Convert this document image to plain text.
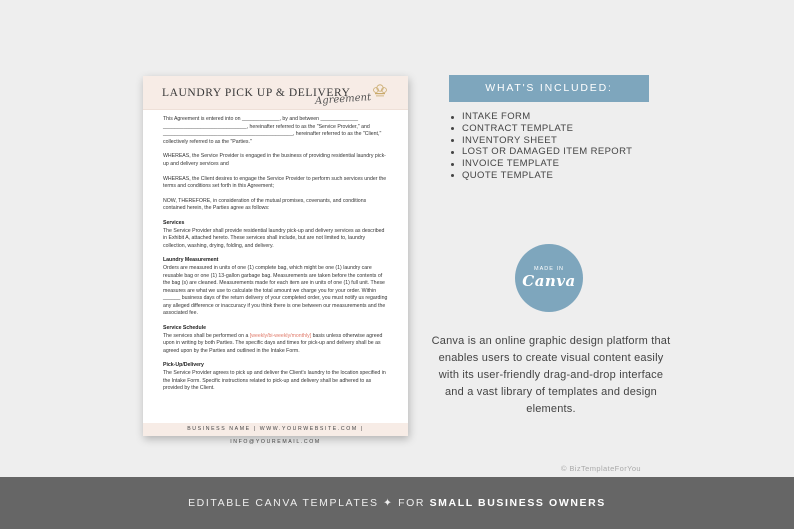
LAUNDRY PICK UP & DELIVERY
Agreement

This Agreement is entered into on _____________, by and between _____________ _____________________________, hereinafter referred to as the "Service Provider," and _____________________________________________, hereinafter referred to as the "Client," collectively referred to as the "Parties."

WHEREAS, the Service Provider is engaged in the business of providing residential laundry pick-up and delivery services and

WHEREAS, the Client desires to engage the Service Provider to perform such services under the terms and conditions set forth in this Agreement;

NOW, THEREFORE, in consideration of the mutual promises, covenants, and conditions contained herein, the Parties agree as follows:

Services

The Service Provider shall provide residential laundry pick-up and delivery services as described in Exhibit A, attached hereto. These services shall include, but are not limited to, laundry collection, washing, drying, folding, and delivery.

Laundry Measurement

Orders are measured in units of one (1) complete bag, which might be one (1) laundry care reusable bag or one (1) 13-gallon garbage bag. Measurements are taken before the contents of the bag (s) are cleaned. Measurements made for each item are in units of one (1) full unit. These measures are what we use to calculate the total amount we charge you for your order. Within ______ business days of the return delivery of your completed order, you must notify us regarding any alleged difference or inaccuracy if you think there is one between our measurements and the associated fee.

Service Schedule

The services shall be performed on a [weekly/bi-weekly/monthly] basis unless otherwise agreed upon in writing by both Parties. The specific days and times for pick-up and delivery shall be as agreed upon by the Parties and outlined in the Intake Form.

Pick-Up/Delivery

The Service Provider agrees to pick up and deliver the Client's laundry to the location specified in the Intake Form. Specific instructions related to pick-up and delivery shall be adhered to as provided by the Client.

BUSINESS NAME | WWW.YOURWEBSITE.COM | INFO@YOUREMAIL.COM
WHAT'S INCLUDED:
INTAKE FORM
CONTRACT TEMPLATE
INVENTORY SHEET
LOST OR DAMAGED ITEM REPORT
INVOICE TEMPLATE
QUOTE TEMPLATE
MADE IN
Canva
Canva is an online graphic design platform that enables users to create visual content easily with its user-friendly drag-and-drop interface and a vast library of templates and design elements.
© BizTemplateForYou
EDITABLE CANVA TEMPLATES ✦ FOR SMALL BUSINESS OWNERS
